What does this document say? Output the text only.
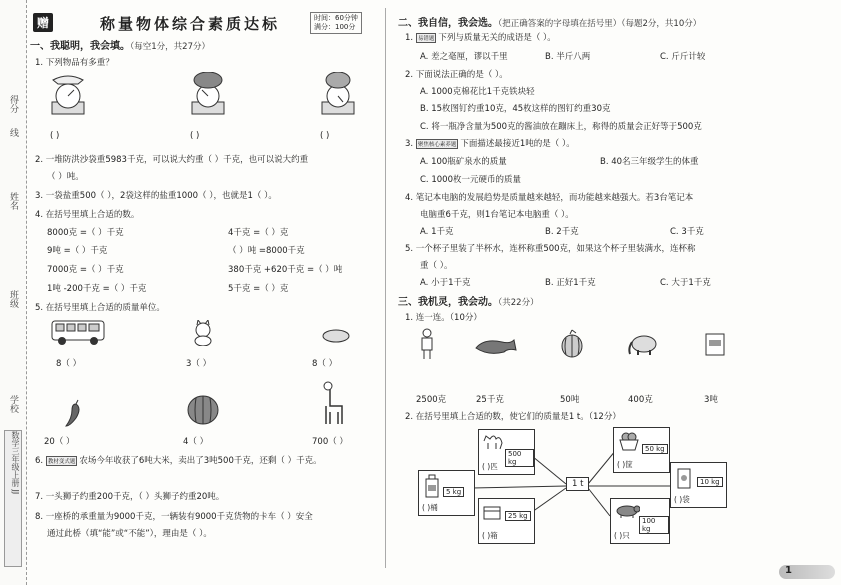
得分
线
姓名
班级
学校
数学三年级上册 JJ
赠	称量物体综合素质达标	时间：60分钟
满分：100分
一、我聪明，我会填。（每空1分，共27分）
1. 下列物品有多重？
( )	( )	( )
2. 一堆防洪沙袋重5983千克，可以说大约重（ ）千克，也可以说大约重
（ ）吨。
3. 一袋盐重500（ ），2袋这样的盐重1000（ ），也就是1（ ）。
4. 在括号里填上合适的数。
8000克 =（ ）千克	4千克 =（ ）克
9吨 =（ ）千克	（ ）吨 =8000千克
7000克 =（ ）千克	380千克 +620千克 =（ ）吨
1吨 -200千克 =（ ）千克	5千克 =（ ）克
5. 在括号里填上合适的质量单位。
8（ ）	3（ ）	8（ ）
20（ ）	4（ ）	700（ ）
6. 教材变式题 农场今年收获了6吨大米，卖出了3吨500千克，还剩（ ）千克。
7. 一头狮子约重200千克，（ ）头狮子约重20吨。
8. 一座桥的承重量为9000千克，一辆装有9000千克货物的卡车（ ）安全
通过此桥（填“能”或“不能”），理由是（ ）。
二、我自信，我会选。（把正确答案的字母填在括号里）（每题2分，共10分）
1. 易错题 下列与质量无关的成语是（ ）。
A. 差之毫厘，谬以千里	B. 半斤八两	C. 斤斤计较
2. 下面说法正确的是（ ）。
A. 1000克棉花比1千克铁块轻
B. 15枚图钉约重10克，45枚这样的图钉约重30克
C. 将一瓶净含量为500克的酱油放在蹦床上，称得的质量会正好等于500克
3. 聚焦核心素养题 下面描述最接近1吨的是（ ）。
A. 100瓶矿泉水的质量	B. 40名三年级学生的体重
C. 1000枚一元硬币的质量
4. 笔记本电脑的发展趋势是质量越来越轻，而功能越来越强大。若3台笔记本
电脑重6千克，则1台笔记本电脑重（ ）。
A. 1千克	B. 2千克	C. 3千克
5. 一个杯子里装了半杯水，连杯称重500克，如果这个杯子里装满水，连杯称
重（ ）。
A. 小于1千克	B. 正好1千克	C. 大于1千克
三、我机灵，我会动。（共22分）
1. 连一连。（10分）
2500克	25千克	50吨	400克	3吨
2. 在括号里填上合适的数，使它们的质量是1 t。（12分）
500 kg
( )匹
5 kg
( )桶
25 kg
( )箱
1 t
50 kg
( )筐
10 kg
( )袋
100 kg
( )只
1
